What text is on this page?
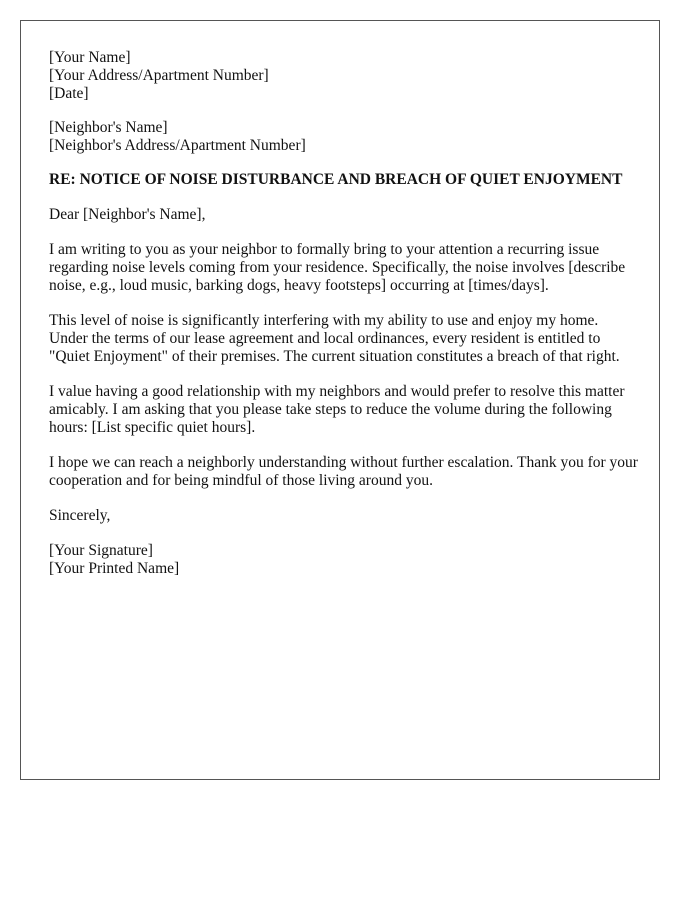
[Your Name]
[Your Address/Apartment Number]
[Date]
[Neighbor's Name]
[Neighbor's Address/Apartment Number]

RE: NOTICE OF NOISE DISTURBANCE AND BREACH OF QUIET ENJOYMENT

Dear [Neighbor's Name],

I am writing to you as your neighbor to formally bring to your attention a recurring issue regarding noise levels coming from your residence. Specifically, the noise involves [describe noise, e.g., loud music, barking dogs, heavy footsteps] occurring at [times/days].

This level of noise is significantly interfering with my ability to use and enjoy my home. Under the terms of our lease agreement and local ordinances, every resident is entitled to "Quiet Enjoyment" of their premises. The current situation constitutes a breach of that right.

I value having a good relationship with my neighbors and would prefer to resolve this matter amicably. I am asking that you please take steps to reduce the volume during the following hours: [List specific quiet hours].

I hope we can reach a neighborly understanding without further escalation. Thank you for your cooperation and for being mindful of those living around you.

Sincerely,

[Your Signature]
[Your Printed Name]
